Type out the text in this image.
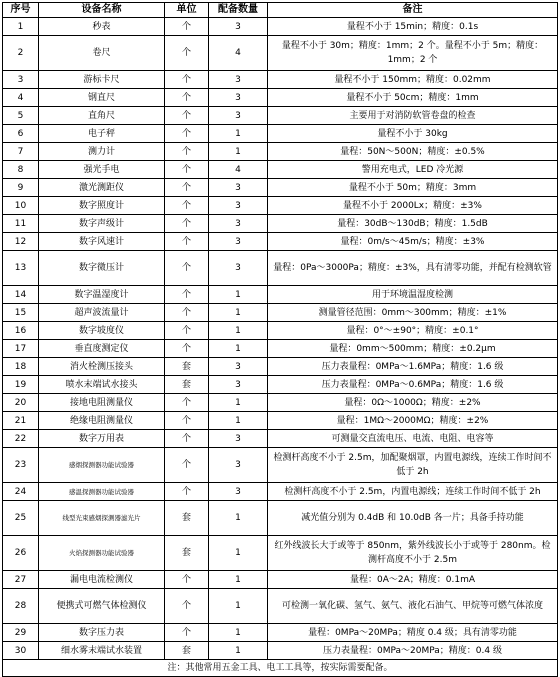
序号	设备名称	单位	配备数量	备注
1	秒表	个	3	量程不小于 15min；精度：0.1s
2	卷尺	个	4	量程不小于 30m；精度：1mm；2 个。量程不小于 5m；精度：1mm；2 个
3	游标卡尺	个	3	量程不小于 150mm；精度：0.02mm
4	钢直尺	个	3	量程不小于 50cm；精度：1mm
5	直角尺	个	3	主要用于对消防软管卷盘的检查
6	电子秤	个	1	量程不小于 30kg
7	测力计	个	1	量程：50N～500N；精度：±0.5%
8	强光手电	个	4	警用充电式，LED 冷光源
9	激光测距仪	个	3	量程不小于 50m；精度：3mm
10	数字照度计	个	3	量程不小于 2000Lx；精度：±3%
11	数字声级计	个	3	量程：30dB～130dB；精度：1.5dB
12	数字风速计	个	3	量程：0m/s～45m/s；精度：±3%
13	数字微压计	个	3	量程：0Pa～3000Pa；精度：±3%，具有清零功能，并配有检测软管
14	数字温湿度计	个	1	用于环境温湿度检测
15	超声波流量计	个	1	测量管径范围：0mm～300mm；精度：±1%
16	数字坡度仪	个	1	量程：0°～±90°；精度：±0.1°
17	垂直度测定仪	个	1	量程：0mm～500mm；精度：±0.2μm
18	消火栓测压接头	套	3	压力表量程：0MPa～1.6MPa；精度：1.6 级
19	喷水末端试水接头	套	3	压力表量程：0MPa～0.6MPa；精度：1.6 级
20	接地电阻测量仪	个	1	量程：0Ω～1000Ω；精度：±2%
21	绝缘电阻测量仪	个	1	量程：1MΩ～2000MΩ；精度：±2%
22	数字万用表	个	3	可测量交直流电压、电流、电阻、电容等
23	感烟探测器功能试验器	个	3	检测杆高度不小于 2.5m，加配聚烟罩，内置电源线，连续工作时间不低于 2h
24	感温探测器功能试验器	个	3	检测杆高度不小于 2.5m，内置电源线；连续工作时间不低于 2h
25	线型光束感烟探测器滤光片	套	1	减光值分别为 0.4dB 和 10.0dB 各一片；具备手持功能
26	火焰探测器功能试验器	套	1	红外线波长大于或等于 850nm，紫外线波长小于或等于 280nm。检测杆高度不小于 2.5m
27	漏电电流检测仪	个	1	量程：0A～2A；精度：0.1mA
28	便携式可燃气体检测仪	个	1	可检测一氧化碳、氢气、氨气、液化石油气、甲烷等可燃气体浓度
29	数字压力表	个	1	量程：0MPa～20MPa；精度 0.4 级；具有清零功能
30	细水雾末端试水装置	套	1	压力表量程：0MPa～20MPa；精度：0.4 级
注：其他常用五金工具、电工工具等，按实际需要配备。				
